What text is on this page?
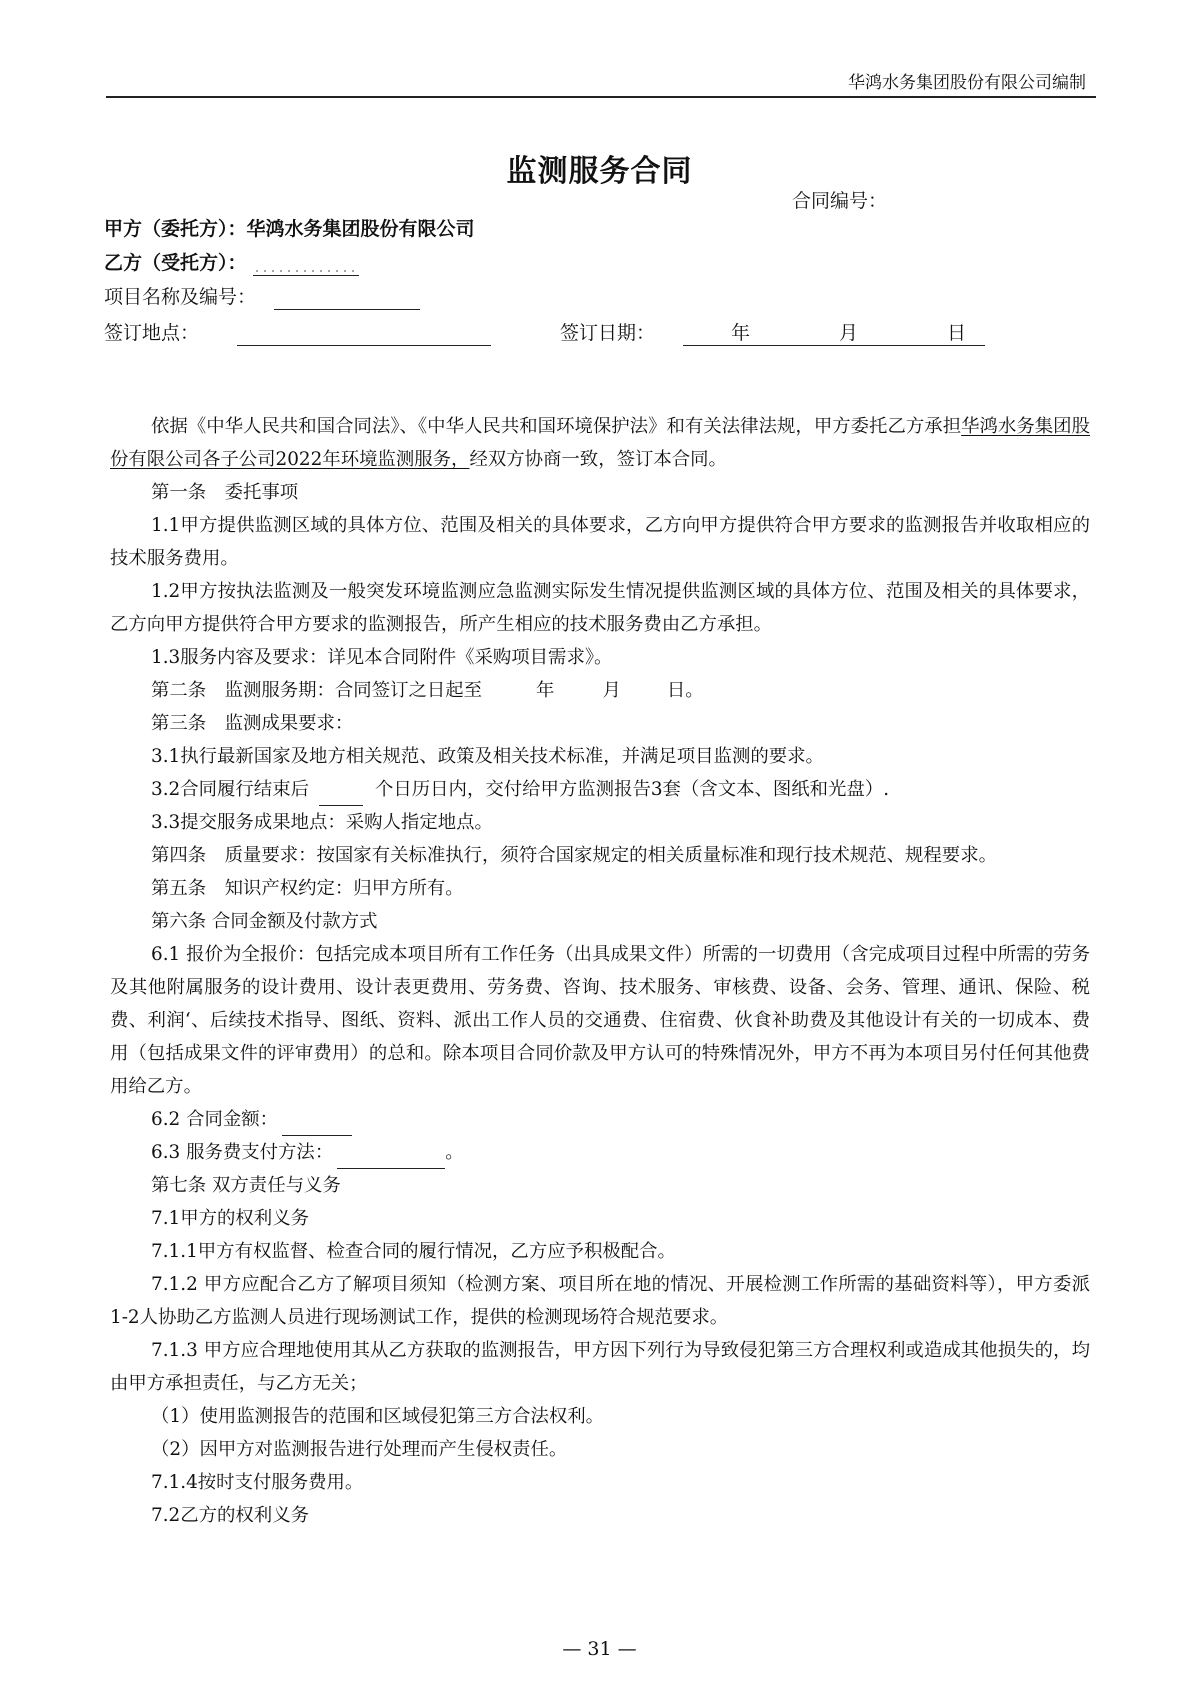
华鸿水务集团股份有限公司编制
监测服务合同
合同编号：
甲方（委托方）：华鸿水务集团股份有限公司
乙方（受托方）：
项目名称及编号：
签订地点：	签订日期：	年	月	日

依据《中华人民共和国合同法》、《中华人民共和国环境保护法》和有关法律法规，甲方委托乙方承担华鸿水务集团股份有限公司各子公司2022年环境监测服务，经双方协商一致，签订本合同。

第一条　委托事项

1.1甲方提供监测区域的具体方位、范围及相关的具体要求，乙方向甲方提供符合甲方要求的监测报告并收取相应的技术服务费用。

1.2甲方按执法监测及一般突发环境监测应急监测实际发生情况提供监测区域的具体方位、范围及相关的具体要求，乙方向甲方提供符合甲方要求的监测报告，所产生相应的技术服务费由乙方承担。

1.3服务内容及要求：详见本合同附件《采购项目需求》。

第二条　监测服务期：合同签订之日起至	年	月	日。

第三条　监测成果要求：

3.1执行最新国家及地方相关规范、政策及相关技术标准，并满足项目监测的要求。

3.2合同履行结束后	个日历日内，交付给甲方监测报告3套（含文本、图纸和光盘）.

3.3提交服务成果地点：采购人指定地点。

第四条　质量要求：按国家有关标准执行，须符合国家规定的相关质量标准和现行技术规范、规程要求。

第五条　知识产权约定：归甲方所有。

第六条 合同金额及付款方式

6.1 报价为全报价：包括完成本项目所有工作任务（出具成果文件）所需的一切费用（含完成项目过程中所需的劳务及其他附属服务的设计费用、设计表更费用、劳务费、咨询、技术服务、审核费、设备、会务、管理、通讯、保险、税费、利润‘、后续技术指导、图纸、资料、派出工作人员的交通费、住宿费、伙食补助费及其他设计有关的一切成本、费用（包括成果文件的评审费用）的总和。除本项目合同价款及甲方认可的特殊情况外，甲方不再为本项目另付任何其他费用给乙方。

6.2 合同金额：

6.3 服务费支付方法：	。

第七条 双方责任与义务

7.1甲方的权利义务

7.1.1甲方有权监督、检查合同的履行情况，乙方应予积极配合。

7.1.2 甲方应配合乙方了解项目须知（检测方案、项目所在地的情况、开展检测工作所需的基础资料等），甲方委派1-2人协助乙方监测人员进行现场测试工作，提供的检测现场符合规范要求。

7.1.3 甲方应合理地使用其从乙方获取的监测报告，甲方因下列行为导致侵犯第三方合理权利或造成其他损失的，均由甲方承担责任，与乙方无关；

（1）使用监测报告的范围和区域侵犯第三方合法权利。

（2）因甲方对监测报告进行处理而产生侵权责任。

7.1.4按时支付服务费用。

7.2乙方的权利义务

— 31 —
